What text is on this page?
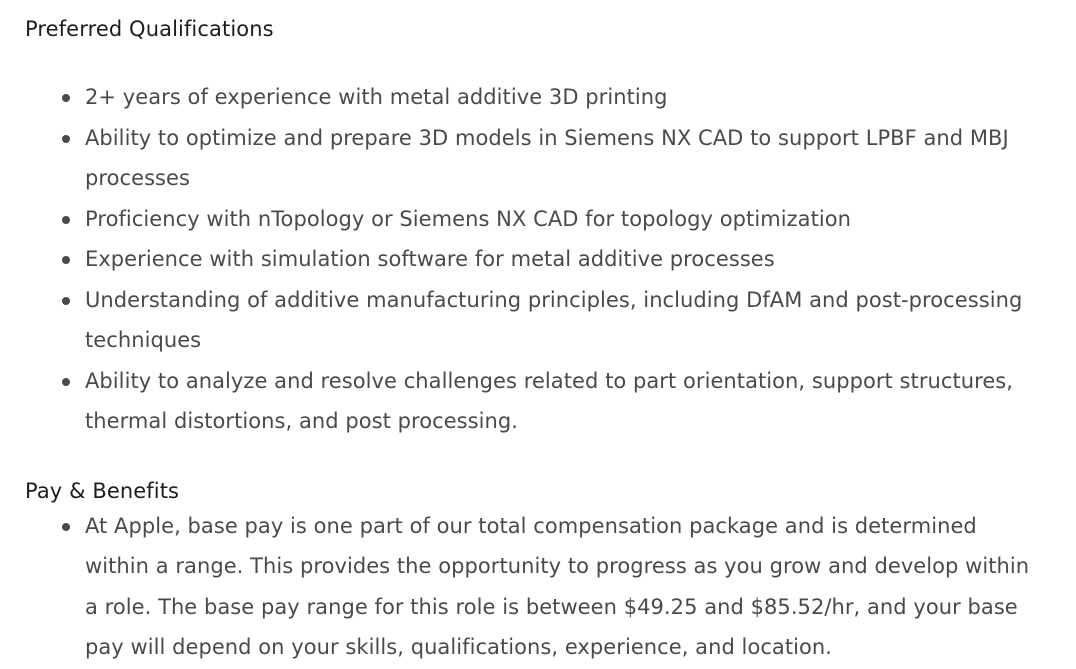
Preferred Qualifications
2+ years of experience with metal additive 3D printing
Ability to optimize and prepare 3D models in Siemens NX CAD to support LPBF and MBJ processes
Proficiency with nTopology or Siemens NX CAD for topology optimization
Experience with simulation software for metal additive processes
Understanding of additive manufacturing principles, including DfAM and post-processing techniques
Ability to analyze and resolve challenges related to part orientation, support structures, thermal distortions, and post processing.
Pay & Benefits
At Apple, base pay is one part of our total compensation package and is determined within a range. This provides the opportunity to progress as you grow and develop within a role. The base pay range for this role is between $49.25 and $85.52/hr, and your base pay will depend on your skills, qualifications, experience, and location.
